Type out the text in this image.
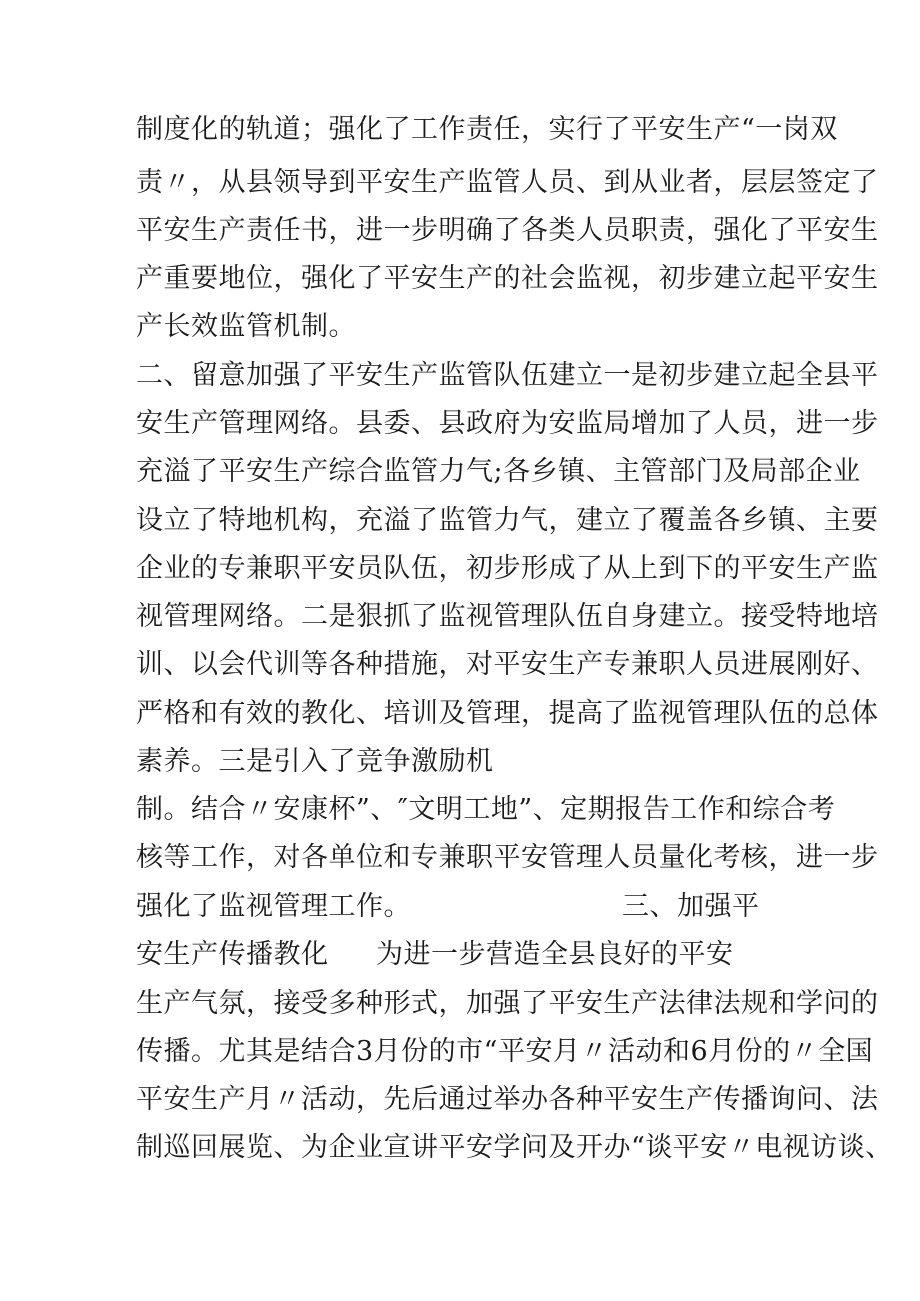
制度化的轨道；强化了工作责任，实行了平安生产“一岗双
责〃，从县领导到平安生产监管人员、到从业者，层层签定了
平安生产责任书，进一步明确了各类人员职责，强化了平安生
产重要地位，强化了平安生产的社会监视，初步建立起平安生
产长效监管机制。
二、留意加强了平安生产监管队伍建立一是初步建立起全县平
安生产管理网络。县委、县政府为安监局增加了人员，进一步
充溢了平安生产综合监管力气;各乡镇、主管部门及局部企业
设立了特地机构，充溢了监管力气，建立了覆盖各乡镇、主要
企业的专兼职平安员队伍，初步形成了从上到下的平安生产监
视管理网络。二是狠抓了监视管理队伍自身建立。接受特地培
训、以会代训等各种措施，对平安生产专兼职人员进展刚好、
严格和有效的教化、培训及管理，提高了监视管理队伍的总体
素养。三是引入了竞争激励机
制。结合〃安康杯”、″文明工地”、定期报告工作和综合考
核等工作，对各单位和专兼职平安管理人员量化考核，进一步
强化了监视管理工作。	三、加强平
安生产传播教化 为进一步营造全县良好的平安
生产气氛，接受多种形式，加强了平安生产法律法规和学问的
传播。尤其是结合3月份的市“平安月〃活动和6月份的〃全国
平安生产月〃活动，先后通过举办各种平安生产传播询问、法
制巡回展览、为企业宣讲平安学问及开办“谈平安〃电视访谈、
